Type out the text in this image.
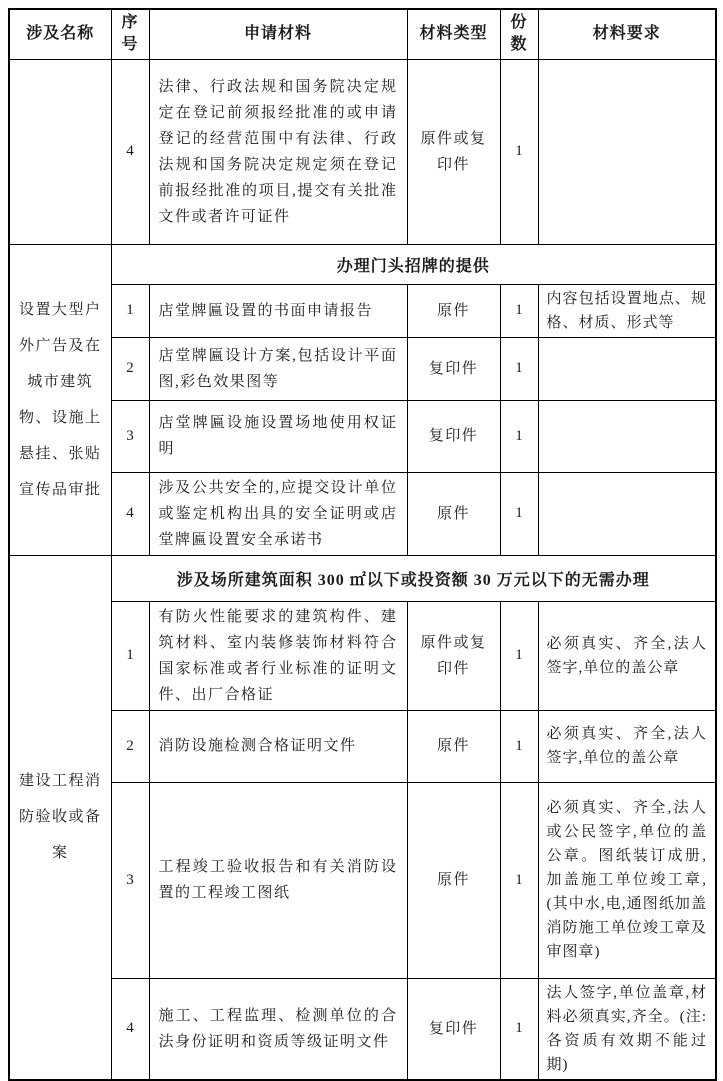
涉及名称	序号	申请材料	材料类型	份数	材料要求
	4	法律、行政法规和国务院决定规定在登记前须报经批准的或申请登记的经营范围中有法律、行政法规和国务院决定规定须在登记前报经批准的项目,提交有关批准文件或者许可证件	原件或复印件	1	
设置大型户外广告及在城市建筑物、设施上悬挂、张贴宣传品审批	办理门头招牌的提供				
	1	店堂牌匾设置的书面申请报告	原件	1	内容包括设置地点、规格、材质、形式等
	2	店堂牌匾设计方案,包括设计平面图,彩色效果图等	复印件	1	
	3	店堂牌匾设施设置场地使用权证明	复印件	1	
	4	涉及公共安全的,应提交设计单位或鉴定机构出具的安全证明或店堂牌匾设置安全承诺书	原件	1	
建设工程消防验收或备案	涉及场所建筑面积 300 ㎡以下或投资额 30 万元以下的无需办理				
	1	有防火性能要求的建筑构件、建筑材料、室内装修装饰材料符合国家标准或者行业标准的证明文件、出厂合格证	原件或复印件	1	必须真实、齐全,法人签字,单位的盖公章
	2	消防设施检测合格证明文件	原件	1	必须真实、齐全,法人签字,单位的盖公章
	3	工程竣工验收报告和有关消防设置的工程竣工图纸	原件	1	必须真实、齐全,法人或公民签字,单位的盖公章。图纸装订成册,加盖施工单位竣工章,(其中水,电,通图纸加盖消防施工单位竣工章及审图章)
	4	施工、工程监理、检测单位的合法身份证明和资质等级证明文件	复印件	1	法人签字,单位盖章,材料必须真实,齐全。(注:各资质有效期不能过期)
